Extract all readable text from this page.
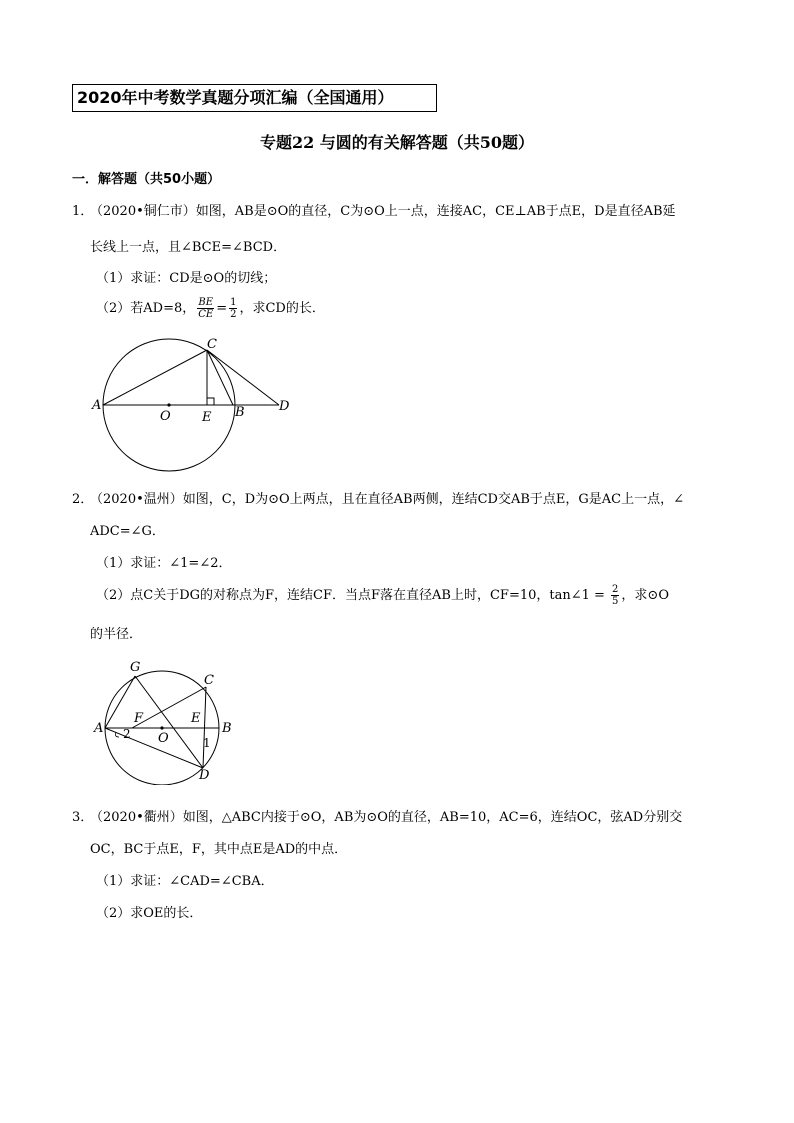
2020年中考数学真题分项汇编（全国通用）
专题22 与圆的有关解答题（共50题）
一．解答题（共50小题）
1．
（2020•铜仁市）如图，AB是⊙O的直径，C为⊙O上一点，连接AC，CE⊥AB于点E，D是直径AB延
长线上一点，且∠BCE=∠BCD．
（1）求证：CD是⊙O的切线；
（2）若AD=8， $\frac{BE}{CE} = \frac{1}{2}$ ，求CD的长．
A
O E B	D
C
2．
（2020•温州）如图，C，D为⊙O上两点，且在直径AB两侧，连结CD交AB于点E，G是AC上一点，∠
ADC=∠G．
（1）求证：∠1=∠2．
（2）点C关于DG的对称点为F，连结CF．当点F落在直径AB上时，CF=10，tan∠1 = $\frac{2}{5}$ ，求⊙O
的半径．
G
C
A
F	E
B
O
D
1
2
3．
（2020•衢州）如图，△ABC内接于⊙O，AB为⊙O的直径，AB=10，AC=6，连结OC，弦AD分别交
OC，BC于点E，F，其中点E是AD的中点．
（1）求证：∠CAD=∠CBA．
（2）求OE的长．
